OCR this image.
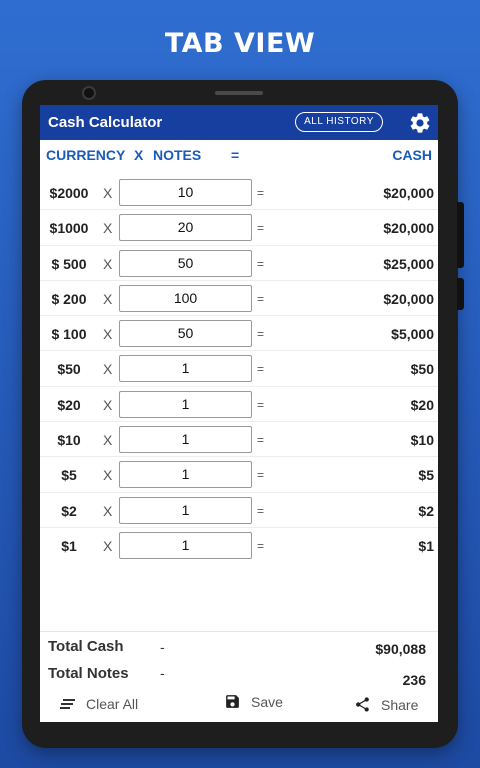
TAB VIEW
Cash Calculator	ALL HISTORY
CURRENCY X NOTES =	CASH
$2000	X	10	=	$20,000
$1000	X	20	=	$20,000
$ 500	X	50	=	$25,000
$ 200	X	100	=	$20,000
$ 100	X	50	=	$5,000
$50	X	1	=	$50
$20	X	1	=	$20
$10	X	1	=	$10
$5	X	1	=	$5
$2	X	1	=	$2
$1	X	1	=	$1
Total Cash	-	$90,088
Total Notes -	236
Clear All	Save	Share
